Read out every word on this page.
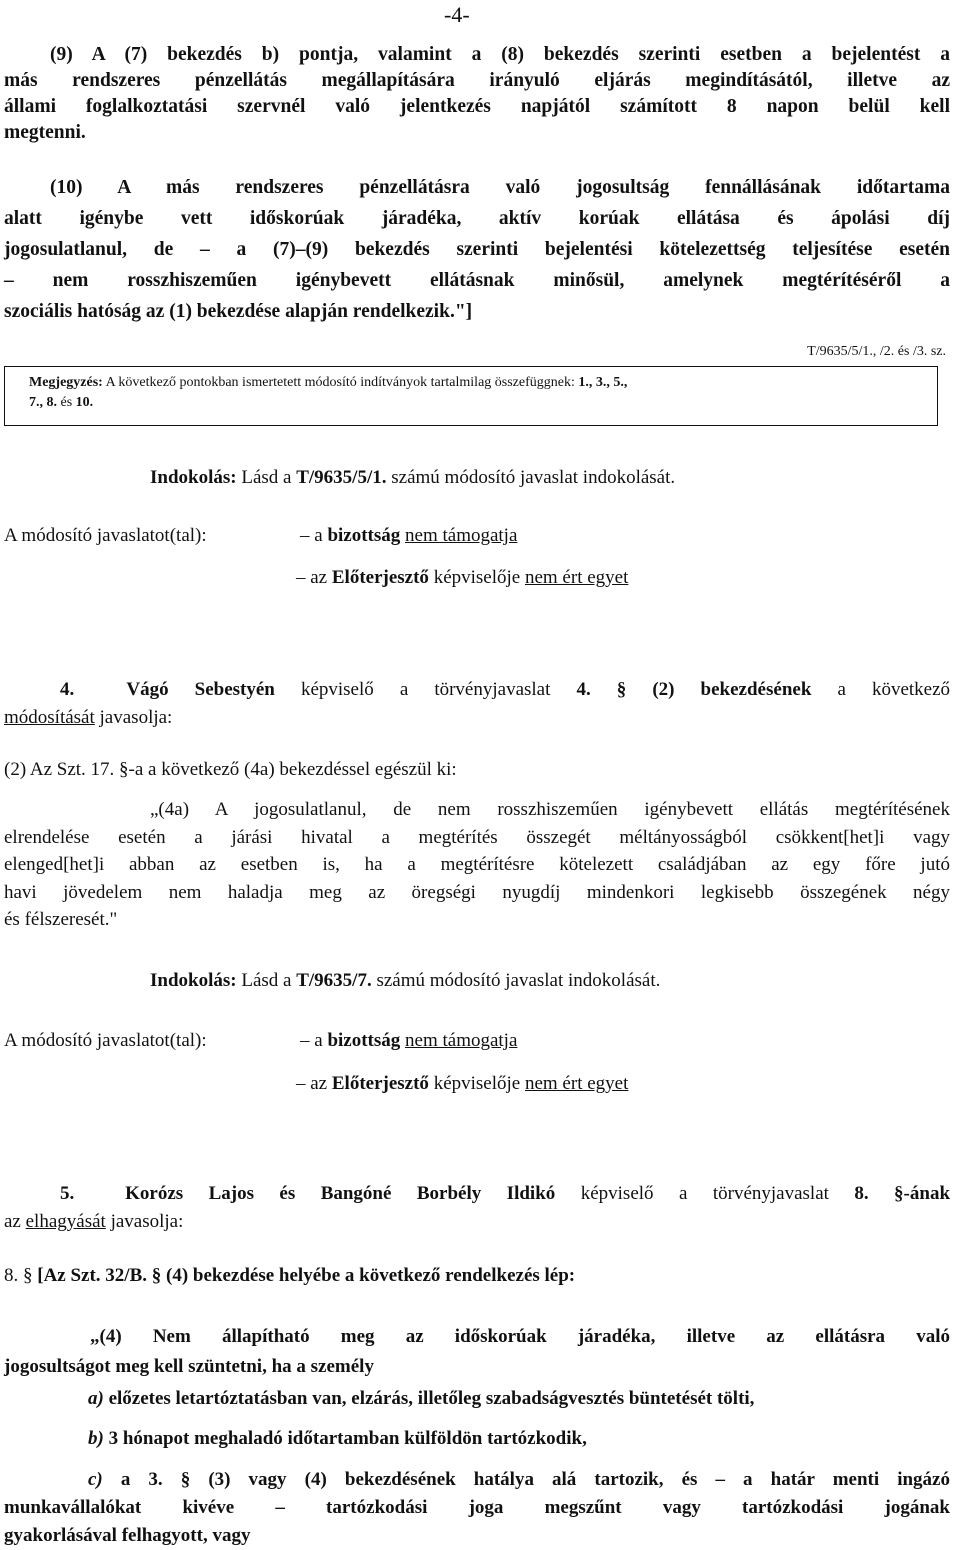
-4-
(9) A (7) bekezdés b) pontja, valamint a (8) bekezdés szerinti esetben a bejelentést a
más rendszeres pénzellátás megállapítására irányuló eljárás megindításától, illetve az
állami foglalkoztatási szervnél való jelentkezés napjától számított 8 napon belül kell
megtenni.
(10) A más rendszeres pénzellátásra való jogosultság fennállásának időtartama
alatt igénybe vett időskorúak járadéka, aktív korúak ellátása és ápolási díj
jogosulatlanul, de – a (7)–(9) bekezdés szerinti bejelentési kötelezettség teljesítése esetén
– nem rosszhiszeműen igénybevett ellátásnak minősül, amelynek megtérítéséről a
szociális hatóság az (1) bekezdése alapján rendelkezik."]
T/9635/5/1., /2. és /3. sz.
Megjegyzés: A következő pontokban ismertetett módosító indítványok tartalmilag összefüggnek: 1., 3., 5.,
7., 8. és 10.
Indokolás: Lásd a T/9635/5/1. számú módosító javaslat indokolását.
A módosító javaslatot(tal):	– a bizottság nem támogatja
– az Előterjesztő képviselője nem ért egyet
4.	Vágó Sebestyén képviselő a törvényjavaslat 4. § (2) bekezdésének a következő
módosítását javasolja:
(2) Az Szt. 17. §-a a következő (4a) bekezdéssel egészül ki:
„(4a) A jogosulatlanul, de nem rosszhiszeműen igénybevett ellátás megtérítésének
elrendelése esetén a járási hivatal a megtérítés összegét méltányosságból csökkent[het]i vagy
elenged[het]i abban az esetben is, ha a megtérítésre kötelezett családjában az egy főre jutó
havi jövedelem nem haladja meg az öregségi nyugdíj mindenkori legkisebb összegének négy
és félszeresét."
Indokolás: Lásd a T/9635/7. számú módosító javaslat indokolását.
A módosító javaslatot(tal):	– a bizottság nem támogatja
– az Előterjesztő képviselője nem ért egyet
5.	Korózs Lajos és Bangóné Borbély Ildikó képviselő a törvényjavaslat 8. §-ának
az elhagyását javasolja:
8. § [Az Szt. 32/B. § (4) bekezdése helyébe a következő rendelkezés lép:
„(4) Nem állapítható meg az időskorúak járadéka, illetve az ellátásra való
jogosultságot meg kell szüntetni, ha a személy
a) előzetes letartóztatásban van, elzárás, illetőleg szabadságvesztés büntetését tölti,
b) 3 hónapot meghaladó időtartamban külföldön tartózkodik,
c) a 3. § (3) vagy (4) bekezdésének hatálya alá tartozik, és – a határ menti ingázó
munkavállalókat kivéve – tartózkodási joga megszűnt vagy tartózkodási jogának
gyakorlásával felhagyott, vagy
